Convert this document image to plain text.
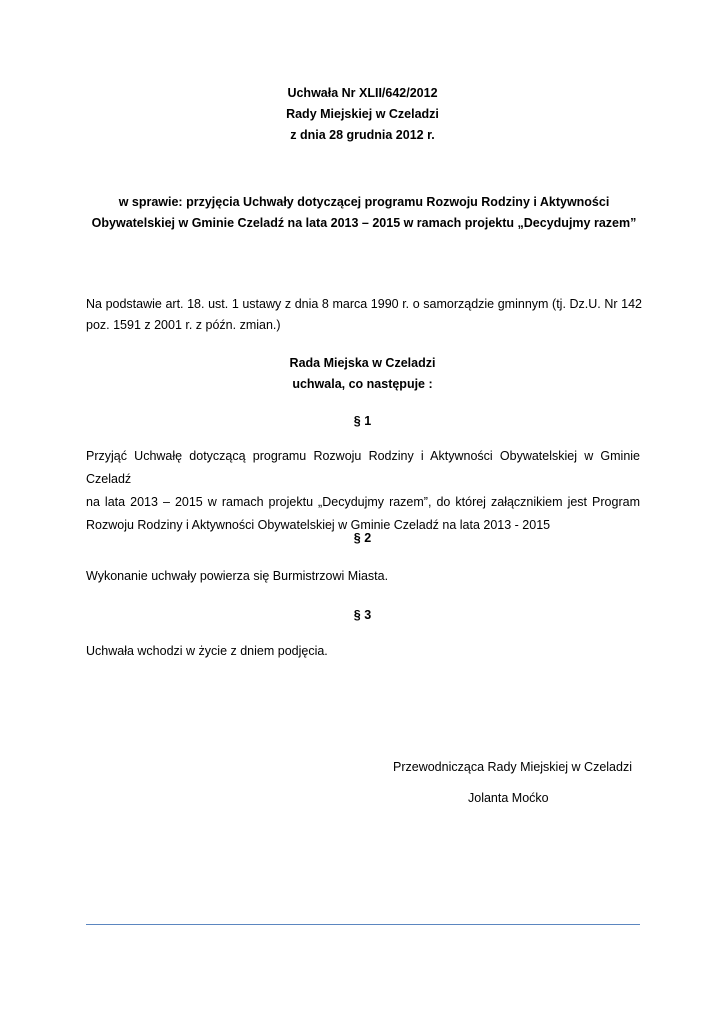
Uchwała Nr XLII/642/2012
Rady Miejskiej w Czeladzi
z dnia 28 grudnia 2012 r.
w sprawie: przyjęcia Uchwały dotyczącej programu Rozwoju Rodziny i Aktywności
Obywatelskiej w Gminie Czeladź na lata 2013 – 2015 w ramach projektu „Decydujmy razem”
Na podstawie art. 18. ust. 1 ustawy z dnia 8 marca 1990 r. o samorządzie gminnym (tj. Dz.U. Nr 142
poz. 1591 z 2001 r. z późn. zmian.)
Rada Miejska w Czeladzi
uchwala, co następuje :
§ 1
Przyjąć Uchwałę dotyczącą programu Rozwoju Rodziny i Aktywności Obywatelskiej w Gminie Czeladź
na lata 2013 – 2015 w ramach projektu „Decydujmy razem”, do której załącznikiem jest Program
Rozwoju Rodziny i Aktywności Obywatelskiej w Gminie Czeladź na lata 2013 - 2015
§ 2
Wykonanie uchwały powierza się Burmistrzowi Miasta.
§ 3
Uchwała wchodzi w życie z dniem podjęcia.
Przewodnicząca Rady Miejskiej w Czeladzi
Jolanta Moćko
